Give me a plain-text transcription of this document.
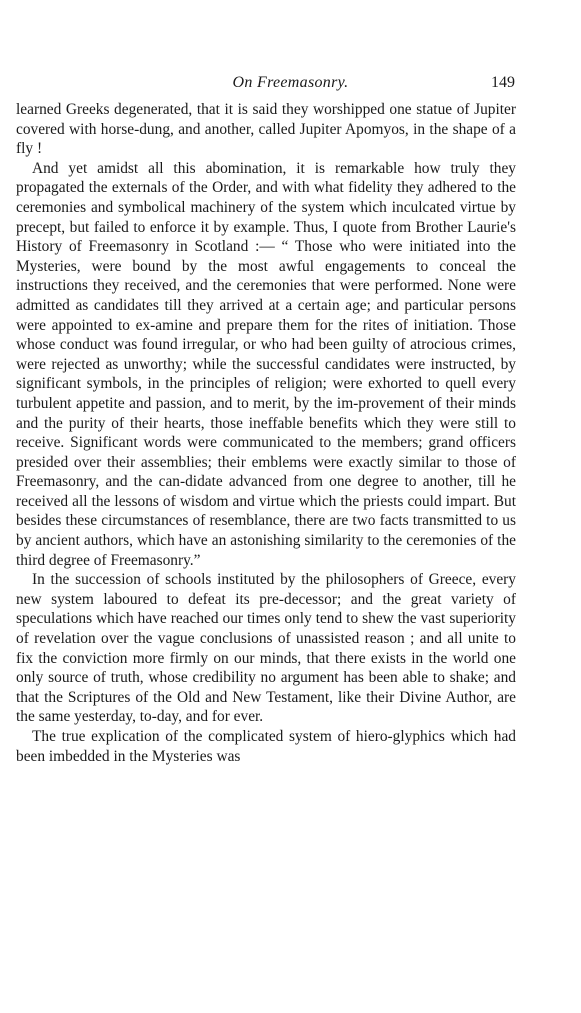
On Freemasonry.	149

learned Greeks degenerated, that it is said they worshipped one statue of Jupiter covered with horse-dung, and another, called Jupiter Apomyos, in the shape of a fly !

And yet amidst all this abomination, it is remarkable how truly they propagated the externals of the Order, and with what fidelity they adhered to the ceremonies and symbolical machinery of the system which inculcated virtue by precept, but failed to enforce it by example. Thus, I quote from Brother Laurie's History of Freemasonry in Scotland :— “ Those who were initiated into the Mysteries, were bound by the most awful engagements to conceal the instructions they received, and the ceremonies that were performed. None were admitted as candidates till they arrived at a certain age; and particular persons were appointed to ex-amine and prepare them for the rites of initiation. Those whose conduct was found irregular, or who had been guilty of atrocious crimes, were rejected as unworthy; while the successful candidates were instructed, by significant symbols, in the principles of religion; were exhorted to quell every turbulent appetite and passion, and to merit, by the im-provement of their minds and the purity of their hearts, those ineffable benefits which they were still to receive. Significant words were communicated to the members; grand officers presided over their assemblies; their emblems were exactly similar to those of Freemasonry, and the can-didate advanced from one degree to another, till he received all the lessons of wisdom and virtue which the priests could impart. But besides these circumstances of resemblance, there are two facts transmitted to us by ancient authors, which have an astonishing similarity to the ceremonies of the third degree of Freemasonry.”

In the succession of schools instituted by the philosophers of Greece, every new system laboured to defeat its pre-decessor; and the great variety of speculations which have reached our times only tend to shew the vast superiority of revelation over the vague conclusions of unassisted reason ; and all unite to fix the conviction more firmly on our minds, that there exists in the world one only source of truth, whose credibility no argument has been able to shake; and that the Scriptures of the Old and New Testament, like their Divine Author, are the same yesterday, to-day, and for ever.

The true explication of the complicated system of hiero-glyphics which had been imbedded in the Mysteries was
